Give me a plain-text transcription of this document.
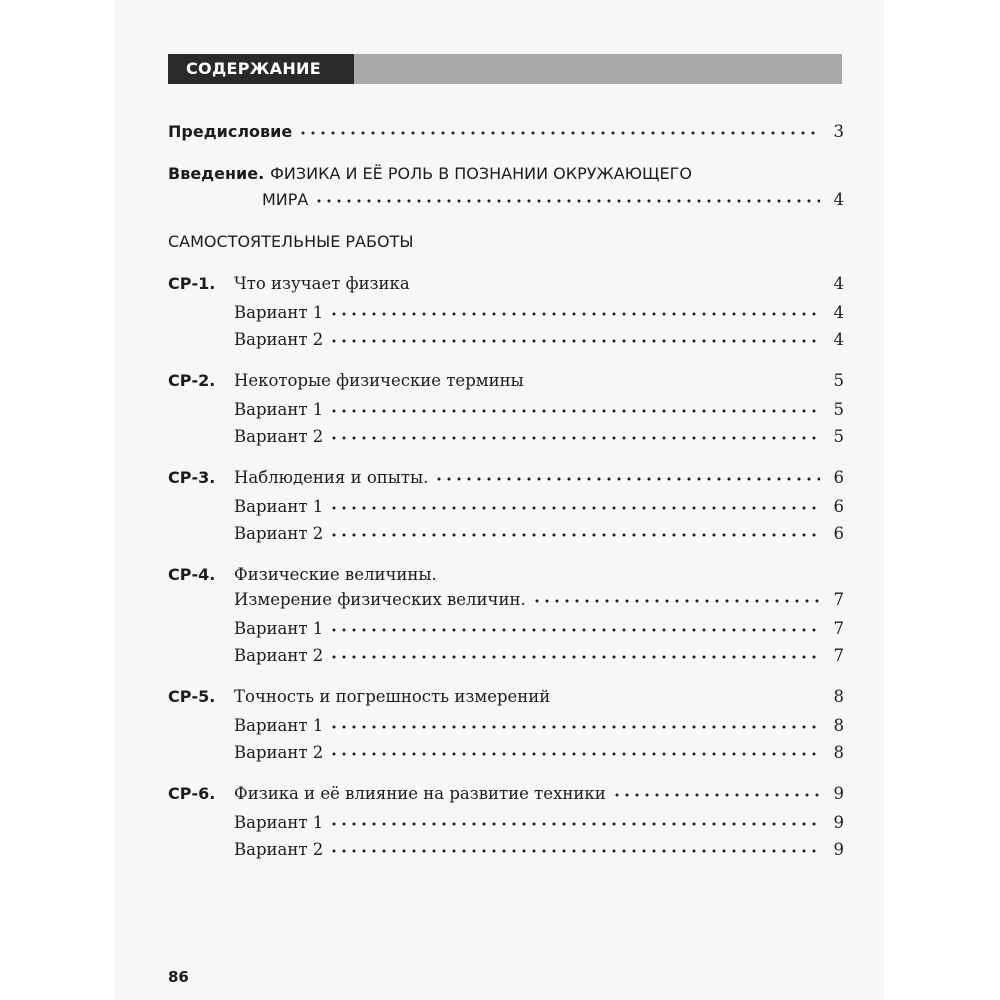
СОДЕРЖАНИЕ
Предисловие	3
Введение. ФИЗИКА И ЕЁ РОЛЬ В ПОЗНАНИИ ОКРУЖАЮЩЕГО
МИРА	4
САМОСТОЯТЕЛЬНЫЕ РАБОТЫ
СР-1.	Что изучает физика	4
Вариант 1	4
Вариант 2	4
СР-2.	Некоторые физические термины	5
Вариант 1	5
Вариант 2	5
СР-3.	Наблюдения и опыты.	6
Вариант 1	6
Вариант 2	6
СР-4.	Физические величины.
Измерение физических величин.	7
Вариант 1	7
Вариант 2	7
СР-5.	Точность и погрешность измерений	8
Вариант 1	8
Вариант 2	8
СР-6.	Физика и её влияние на развитие техники	9
Вариант 1	9
Вариант 2	9
86
